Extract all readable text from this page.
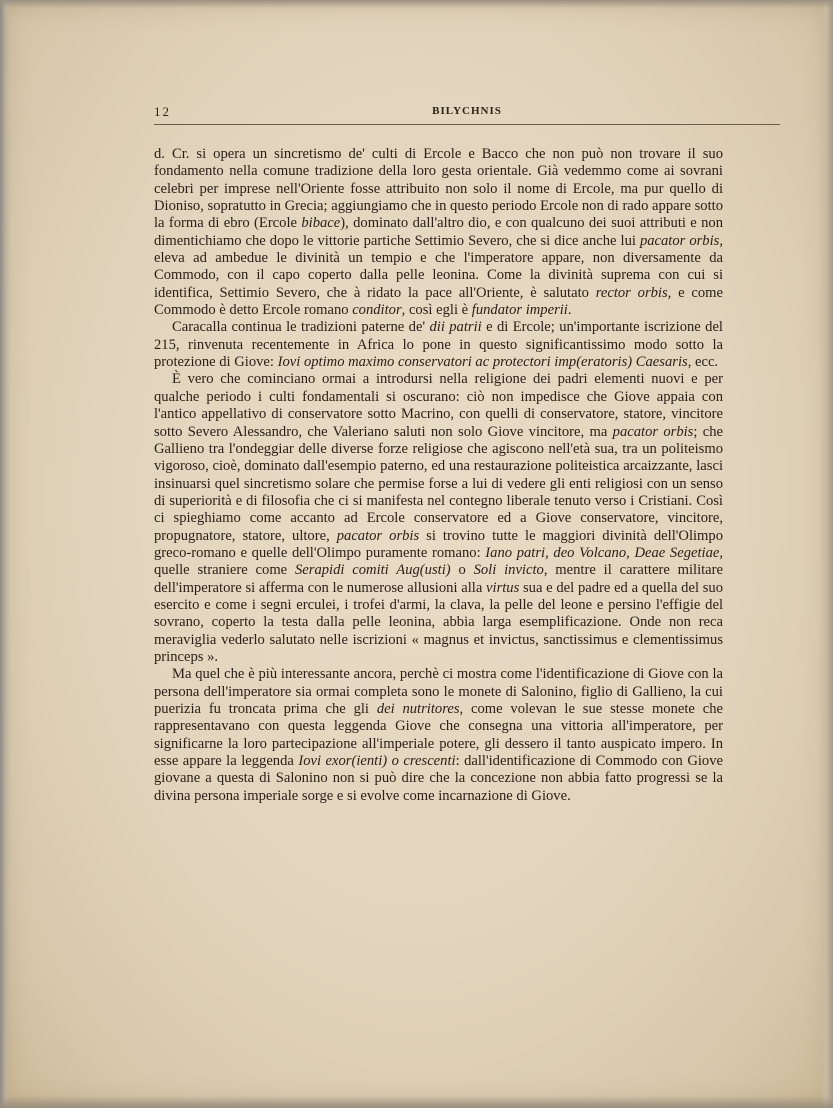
12	BILYCHNIS

d. Cr. si opera un sincretismo de' culti di Ercole e Bacco che non può non trovare il suo fondamento nella comune tradizione della loro gesta orientale. Già vedemmo come ai sovrani celebri per imprese nell'Oriente fosse attribuito non solo il nome di Ercole, ma pur quello di Dioniso, sopratutto in Grecia; aggiungiamo che in questo periodo Ercole non di rado appare sotto la forma di ebro (Ercole bibace), dominato dall'altro dio, e con qualcuno dei suoi attributi e non dimentichiamo che dopo le vittorie partiche Settimio Severo, che si dice anche lui pacator orbis, eleva ad ambedue le divinità un tempio e che l'imperatore appare, non diversamente da Commodo, con il capo coperto dalla pelle leonina. Come la divinità suprema con cui si identifica, Settimio Severo, che à ridato la pace all'Oriente, è salutato rector orbis, e come Commodo è detto Ercole romano conditor, così egli è fundator imperii.

Caracalla continua le tradizioni paterne de' dii patrii e di Ercole; un'importante iscrizione del 215, rinvenuta recentemente in Africa lo pone in questo significantissimo modo sotto la protezione di Giove: Iovi optimo maximo conservatori ac protectori imp(eratoris) Caesaris, ecc.

È vero che cominciano ormai a introdursi nella religione dei padri elementi nuovi e per qualche periodo i culti fondamentali si oscurano: ciò non impedisce che Giove appaia con l'antico appellativo di conservatore sotto Macrino, con quelli di conservatore, statore, vincitore sotto Severo Alessandro, che Valeriano saluti non solo Giove vincitore, ma pacator orbis; che Gallieno tra l'ondeggiar delle diverse forze religiose che agiscono nell'età sua, tra un politeismo vigoroso, cioè, dominato dall'esempio paterno, ed una restaurazione politeistica arcaizzante, lasci insinuarsi quel sincretismo solare che permise forse a lui di vedere gli enti religiosi con un senso di superiorità e di filosofia che ci si manifesta nel contegno liberale tenuto verso i Cristiani. Così ci spieghiamo come accanto ad Ercole conservatore ed a Giove conservatore, vincitore, propugnatore, statore, ultore, pacator orbis si trovino tutte le maggiori divinità dell'Olimpo greco-romano e quelle dell'Olimpo puramente romano: Iano patri, deo Volcano, Deae Segetiae, quelle straniere come Serapidi comiti Aug(usti) o Soli invicto, mentre il carattere militare dell'imperatore si afferma con le numerose allusioni alla virtus sua e del padre ed a quella del suo esercito e come i segni erculei, i trofei d'armi, la clava, la pelle del leone e persino l'effigie del sovrano, coperto la testa dalla pelle leonina, abbia larga esemplificazione. Onde non reca meraviglia vederlo salutato nelle iscrizioni « magnus et invictus, sanctissimus e clementissimus princeps ».

Ma quel che è più interessante ancora, perchè ci mostra come l'identificazione di Giove con la persona dell'imperatore sia ormai completa sono le monete di Salonino, figlio di Gallieno, la cui puerizia fu troncata prima che gli dei nutritores, come volevan le sue stesse monete che rappresentavano con questa leggenda Giove che consegna una vittoria all'imperatore, per significarne la loro partecipazione all'imperiale potere, gli dessero il tanto auspicato impero. In esse appare la leggenda Iovi exor(ienti) o crescenti: dall'identificazione di Commodo con Giove giovane a questa di Salonino non si può dire che la concezione non abbia fatto progressi se la divina persona imperiale sorge e si evolve come incarnazione di Giove.
